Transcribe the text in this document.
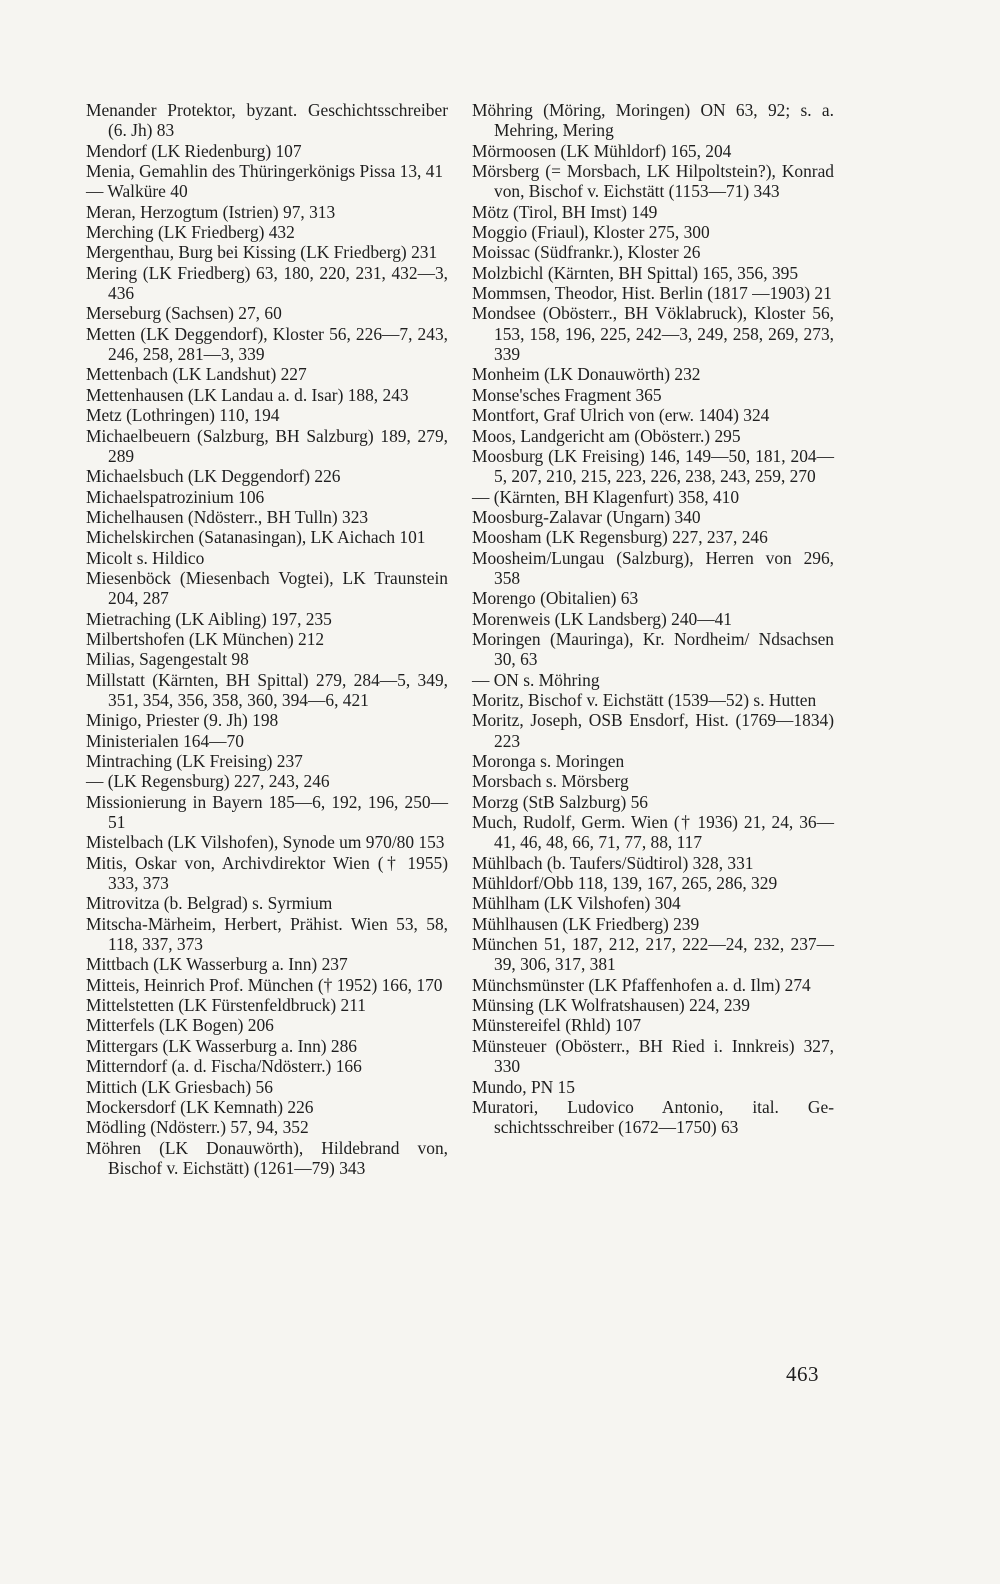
Menander Protektor, byzant. Geschichtsschreiber (6. Jh) 83

Mendorf (LK Riedenburg) 107

Menia, Gemahlin des Thüringerkönigs Pissa 13, 41

— Walküre 40

Meran, Herzogtum (Istrien) 97, 313

Merching (LK Friedberg) 432

Mergenthau, Burg bei Kissing (LK Friedberg) 231

Mering (LK Friedberg) 63, 180, 220, 231, 432—3, 436

Merseburg (Sachsen) 27, 60

Metten (LK Deggendorf), Kloster 56, 226—7, 243, 246, 258, 281—3, 339

Mettenbach (LK Landshut) 227

Mettenhausen (LK Landau a. d. Isar) 188, 243

Metz (Lothringen) 110, 194

Michaelbeuern (Salzburg, BH Salzburg) 189, 279, 289

Michaelsbuch (LK Deggendorf) 226

Michaelspatrozinium 106

Michelhausen (Ndösterr., BH Tulln) 323

Michelskirchen (Satanasingan), LK Aichach 101

Micolt s. Hildico

Miesenböck (Miesenbach Vogtei), LK Traunstein 204, 287

Mietraching (LK Aibling) 197, 235

Milbertshofen (LK München) 212

Milias, Sagengestalt 98

Millstatt (Kärnten, BH Spittal) 279, 284—5, 349, 351, 354, 356, 358, 360, 394—6, 421

Minigo, Priester (9. Jh) 198

Ministerialen 164—70

Mintraching (LK Freising) 237

— (LK Regensburg) 227, 243, 246

Missionierung in Bayern 185—6, 192, 196, 250—51

Mistelbach (LK Vilshofen), Synode um 970/80 153

Mitis, Oskar von, Archivdirektor Wien († 1955) 333, 373

Mitrovitza (b. Belgrad) s. Syrmium

Mitscha-Märheim, Herbert, Prähist. Wien 53, 58, 118, 337, 373

Mittbach (LK Wasserburg a. Inn) 237

Mitteis, Heinrich Prof. München († 1952) 166, 170

Mittelstetten (LK Fürstenfeldbruck) 211

Mitterfels (LK Bogen) 206

Mittergars (LK Wasserburg a. Inn) 286

Mitterndorf (a. d. Fischa/Ndösterr.) 166

Mittich (LK Griesbach) 56

Mockersdorf (LK Kemnath) 226

Mödling (Ndösterr.) 57, 94, 352

Möhren (LK Donauwörth), Hildebrand von, Bischof v. Eichstätt) (1261—79) 343

Möhring (Möring, Moringen) ON 63, 92; s. a. Mehring, Mering

Mörmoosen (LK Mühldorf) 165, 204

Mörsberg (= Morsbach, LK Hilpoltstein?), Konrad von, Bischof v. Eichstätt (1153—71) 343

Mötz (Tirol, BH Imst) 149

Moggio (Friaul), Kloster 275, 300

Moissac (Südfrankr.), Kloster 26

Molzbichl (Kärnten, BH Spittal) 165, 356, 395

Mommsen, Theodor, Hist. Berlin (1817 —1903) 21

Mondsee (Obösterr., BH Vöklabruck), Kloster 56, 153, 158, 196, 225, 242—3, 249, 258, 269, 273, 339

Monheim (LK Donauwörth) 232

Monse'sches Fragment 365

Montfort, Graf Ulrich von (erw. 1404) 324

Moos, Landgericht am (Obösterr.) 295

Moosburg (LK Freising) 146, 149—50, 181, 204—5, 207, 210, 215, 223, 226, 238, 243, 259, 270

— (Kärnten, BH Klagenfurt) 358, 410

Moosburg-Zalavar (Ungarn) 340

Moosham (LK Regensburg) 227, 237, 246

Moosheim/Lungau (Salzburg), Herren von 296, 358

Morengo (Obitalien) 63

Morenweis (LK Landsberg) 240—41

Moringen (Mauringa), Kr. Nordheim/ Ndsachsen 30, 63

— ON s. Möhring

Moritz, Bischof v. Eichstätt (1539—52) s. Hutten

Moritz, Joseph, OSB Ensdorf, Hist. (1769—1834) 223

Moronga s. Moringen

Morsbach s. Mörsberg

Morzg (StB Salzburg) 56

Much, Rudolf, Germ. Wien († 1936) 21, 24, 36—41, 46, 48, 66, 71, 77, 88, 117

Mühlbach (b. Taufers/Südtirol) 328, 331

Mühldorf/Obb 118, 139, 167, 265, 286, 329

Mühlham (LK Vilshofen) 304

Mühlhausen (LK Friedberg) 239

München 51, 187, 212, 217, 222—24, 232, 237—39, 306, 317, 381

Münchsmünster (LK Pfaffenhofen a. d. Ilm) 274

Münsing (LK Wolfratshausen) 224, 239

Münstereifel (Rhld) 107

Münsteuer (Obösterr., BH Ried i. Innkreis) 327, 330

Mundo, PN 15

Muratori, Ludovico Antonio, ital. Geschichtsschreiber (1672—1750) 63

463
